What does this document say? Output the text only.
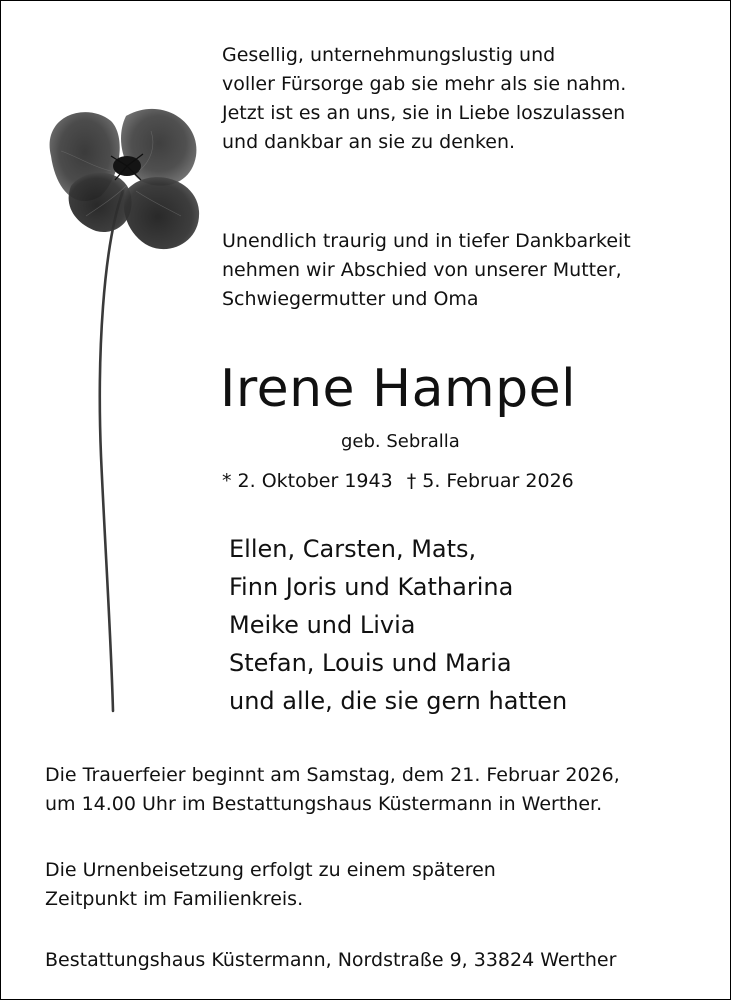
Gesellig, unternehmungslustig und
voller Fürsorge gab sie mehr als sie nahm.
Jetzt ist es an uns, sie in Liebe loszulassen
und dankbar an sie zu denken.
Unendlich traurig und in tiefer Dankbarkeit
nehmen wir Abschied von unserer Mutter,
Schwiegermutter und Oma
Irene Hampel
geb. Sebralla
* 2. Oktober 1943 † 5. Februar 2026
Ellen, Carsten, Mats,
Finn Joris und Katharina
Meike und Livia
Stefan, Louis und Maria
und alle, die sie gern hatten
Die Trauerfeier beginnt am Samstag, dem 21. Februar 2026,
um 14.00 Uhr im Bestattungshaus Küstermann in Werther.
Die Urnenbeisetzung erfolgt zu einem späteren
Zeitpunkt im Familienkreis.
Bestattungshaus Küstermann, Nordstraße 9, 33824 Werther
